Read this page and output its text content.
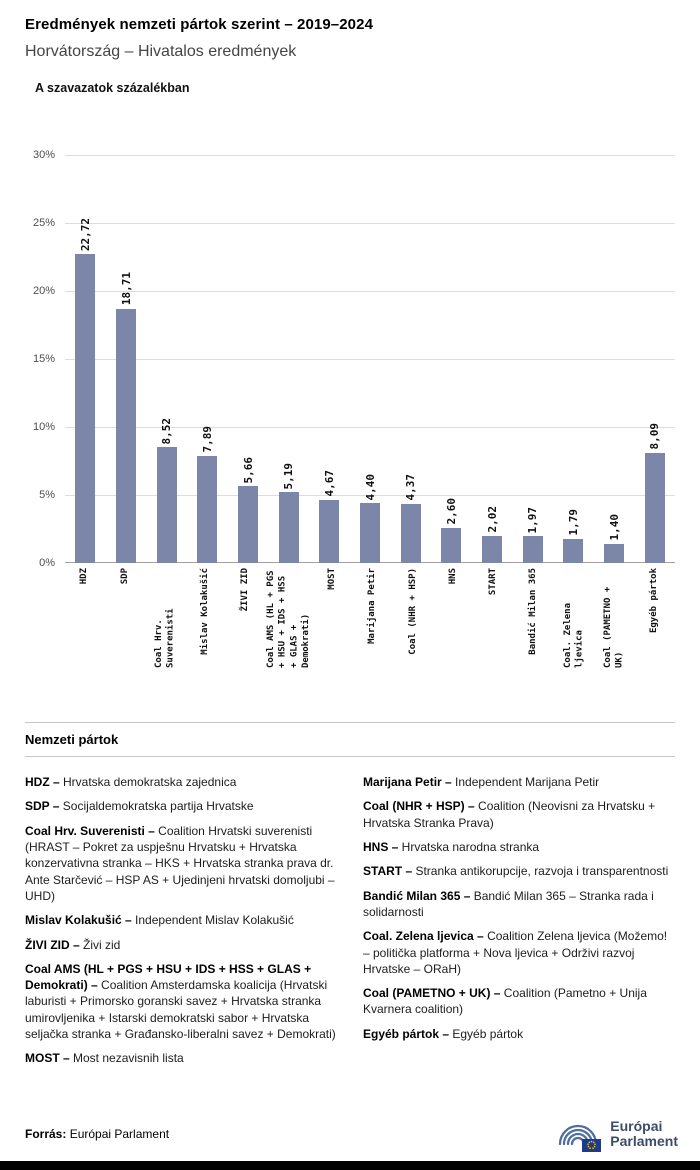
Eredmények nemzeti pártok szerint – 2019–2024
Horvátország – Hivatalos eredmények
A szavazatok százalékban
30%
25%
20%
15%
10%
5%
0%
22,72
18,71
8,52	7,89
5,66	5,19	4,67	4,40	4,37
2,60	2,02	1,97	1,79	1,40
8,09
HDZ	SDP
Coal Hrv. Suverenisti	Mislav Kolakušić	ŽIVI ZID Coal AMS (HL + PGS + HSU + IDS + HSS + GLAS + Demokrati)
MOST	Marijana Petir	Coal (NHR + HSP)	HNS	START	Bandić Milan 365	Coal. Zelena ljevica Coal (PAMETNO + UK)
Egyéb pártok
Nemzeti pártok

HDZ – Hrvatska demokratska zajednica

SDP – Socijaldemokratska partija Hrvatske

Coal Hrv. Suverenisti – Coalition Hrvatski suverenisti (HRAST – Pokret za uspješnu Hrvatsku + Hrvatska konzervativna stranka – HKS + Hrvatska stranka prava dr. Ante Starčević – HSP AS + Ujedinjeni hrvatski domoljubi – UHD)

Mislav Kolakušić – Independent Mislav Kolakušić

ŽIVI ZID – Živi zid

Coal AMS (HL + PGS + HSU + IDS + HSS + GLAS + Demokrati) – Coalition Amsterdamska koalicija (Hrvatski laburisti + Primorsko goranski savez + Hrvatska stranka umirovljenika + Istarski demokratski sabor + Hrvatska seljačka stranka + Građansko-liberalni savez + Demokrati)

MOST – Most nezavisnih lista

Marijana Petir – Independent Marijana Petir

Coal (NHR + HSP) – Coalition (Neovisni za Hrvatsku + Hrvatska Stranka Prava)

HNS – Hrvatska narodna stranka

START – Stranka antikorupcije, razvoja i transparentnosti

Bandić Milan 365 – Bandić Milan 365 – Stranka rada i solidarnosti

Coal. Zelena ljevica – Coalition Zelena ljevica (Možemo! – politička platforma + Nova ljevica + Održivi razvoj Hrvatske – ORaH)

Coal (PAMETNO + UK) – Coalition (Pametno + Unija Kvarnera coalition)

Egyéb pártok – Egyéb pártok

Forrás: Európai Parlament
Európai
Parlament
